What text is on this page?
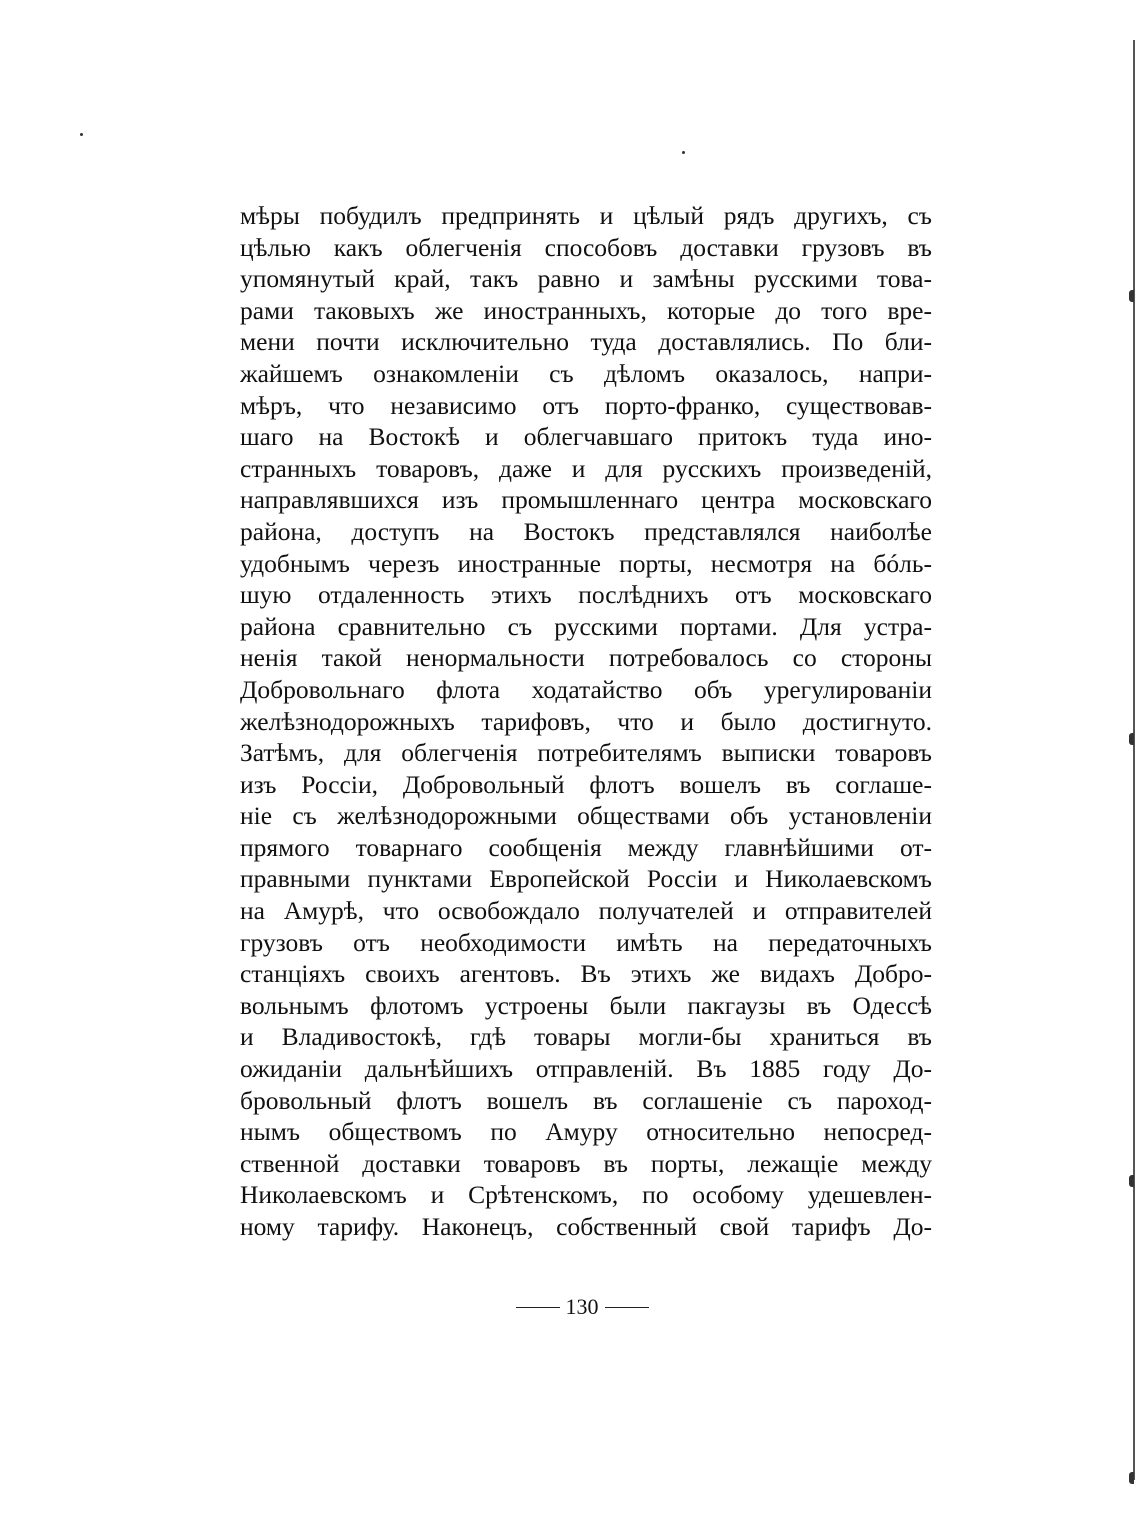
мѣры побудилъ предпринять и цѣлый рядъ другихъ, съ
цѣлью какъ облегченія способовъ доставки грузовъ въ
упомянутый край, такъ равно и замѣны русскими това-
рами таковыхъ же иностранныхъ, которые до того вре-
мени почти исключительно туда доставлялись. По бли-
жайшемъ ознакомленіи съ дѣломъ оказалось, напри-
мѣръ, что независимо отъ порто-франко, существовав-
шаго на Востокѣ и облегчавшаго притокъ туда ино-
странныхъ товаровъ, даже и для русскихъ произведеній,
направлявшихся изъ промышленнаго центра московскаго
района, доступъ на Востокъ представлялся наиболѣе
удобнымъ черезъ иностранные порты, несмотря на бóль-
шую отдаленность этихъ послѣднихъ отъ московскаго
района сравнительно съ русскими портами. Для устра-
ненія такой ненормальности потребовалось со стороны
Добровольнаго флота ходатайство объ урегулированіи
желѣзнодорожныхъ тарифовъ, что и было достигнуто.
Затѣмъ, для облегченія потребителямъ выписки товаровъ
изъ Россіи, Добровольный флотъ вошелъ въ соглаше-
ніе съ желѣзнодорожными обществами объ установленіи
прямого товарнаго сообщенія между главнѣйшими от-
правными пунктами Европейской Россіи и Николаевскомъ
на Амурѣ, что освобождало получателей и отправителей
грузовъ отъ необходимости имѣть на передаточныхъ
станціяхъ своихъ агентовъ. Въ этихъ же видахъ Добро-
вольнымъ флотомъ устроены были пакгаузы въ Одессѣ
и Владивостокѣ, гдѣ товары могли-бы храниться въ
ожиданіи дальнѣйшихъ отправленій. Въ 1885 году До-
бровольный флотъ вошелъ въ соглашеніе съ пароход-
нымъ обществомъ по Амуру относительно непосред-
ственной доставки товаровъ въ порты, лежащіе между
Николаевскомъ и Срѣтенскомъ, по особому удешевлен-
ному тарифу. Наконецъ, собственный свой тарифъ До-
130
